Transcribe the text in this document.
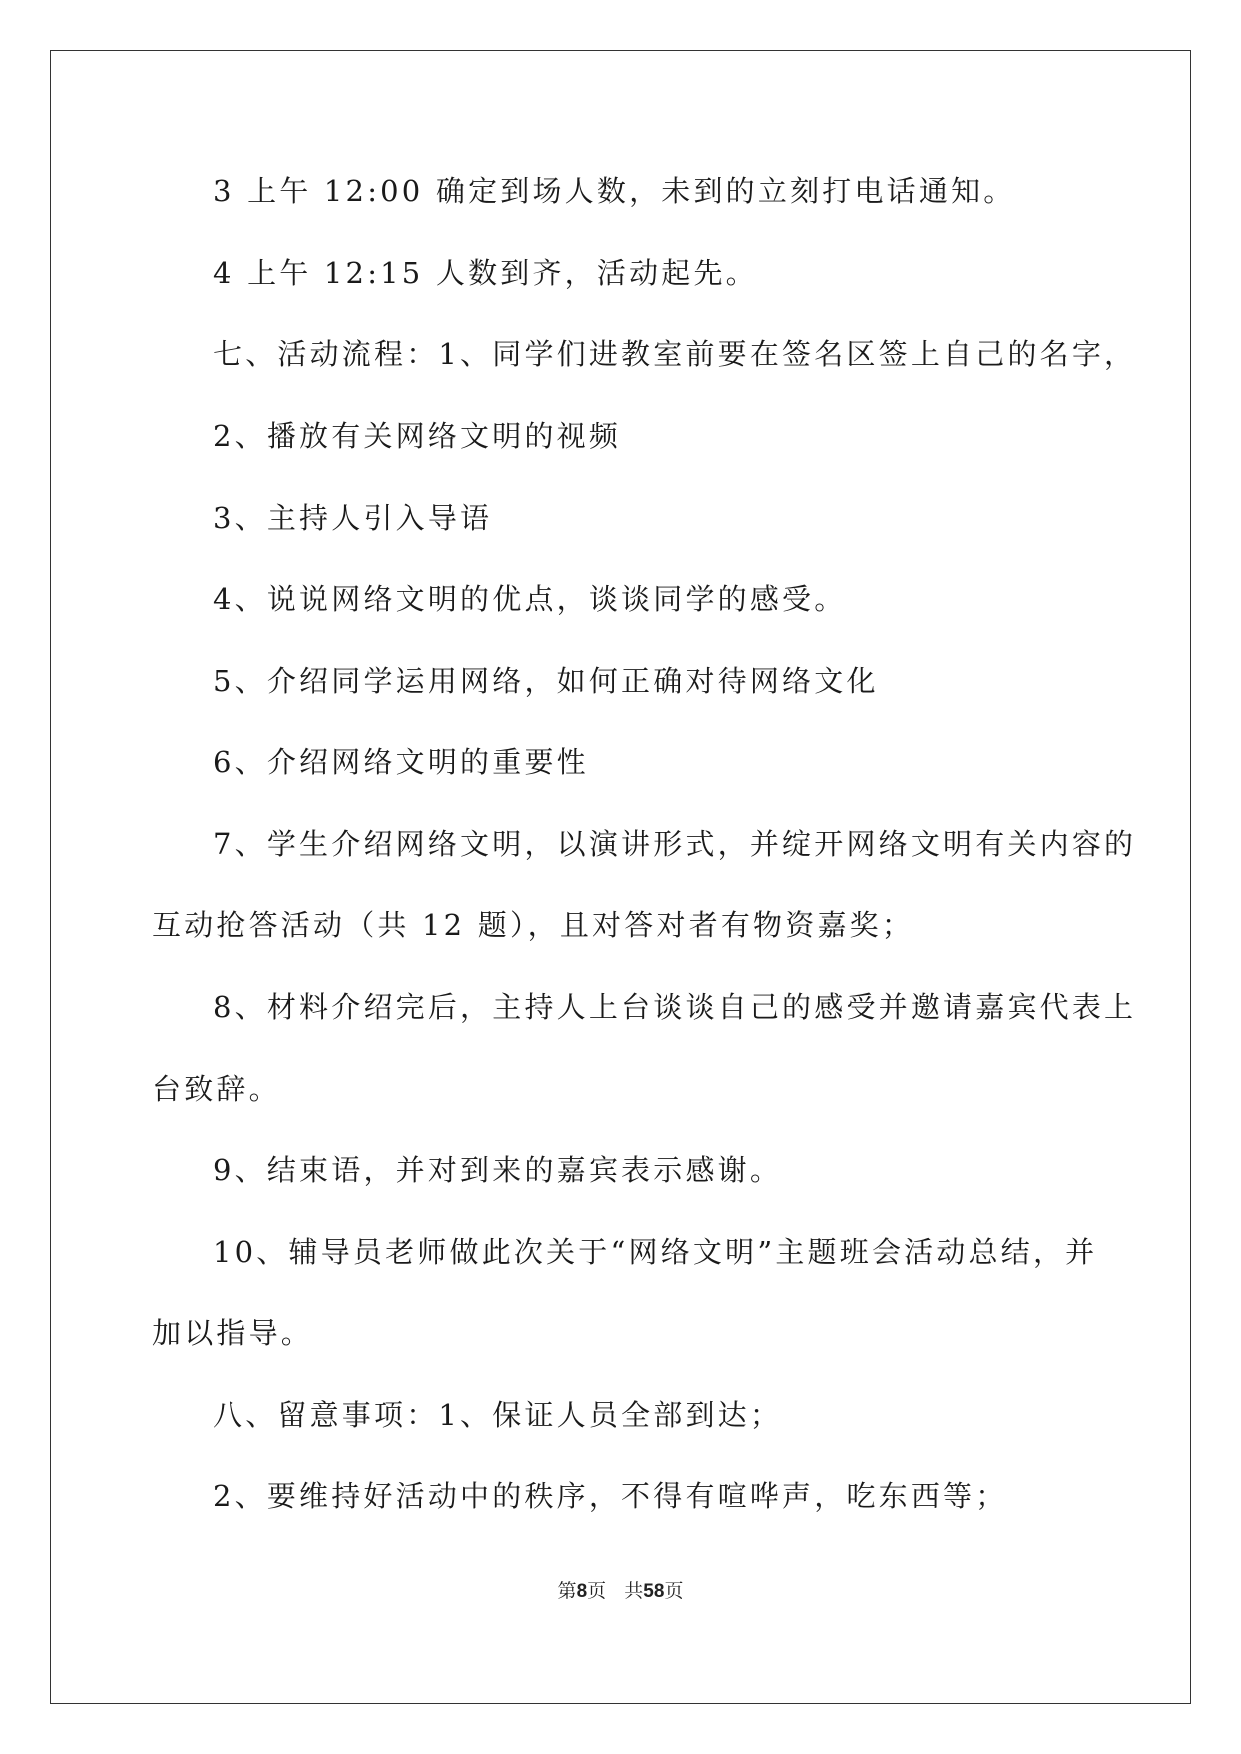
3 上午 12:00 确定到场人数，未到的立刻打电话通知。
4 上午 12:15 人数到齐，活动起先。
七、活动流程：1、同学们进教室前要在签名区签上自己的名字，
2、播放有关网络文明的视频
3、主持人引入导语
4、说说网络文明的优点，谈谈同学的感受。
5、介绍同学运用网络，如何正确对待网络文化
6、介绍网络文明的重要性
7、学生介绍网络文明，以演讲形式，并绽开网络文明有关内容的
互动抢答活动（共 12 题），且对答对者有物资嘉奖；
8、材料介绍完后，主持人上台谈谈自己的感受并邀请嘉宾代表上
台致辞。
9、结束语，并对到来的嘉宾表示感谢。
10、辅导员老师做此次关于“网络文明”主题班会活动总结，并
加以指导。
八、留意事项：1、保证人员全部到达；
2、要维持好活动中的秩序，不得有喧哗声，吃东西等；
第8页 共58页
